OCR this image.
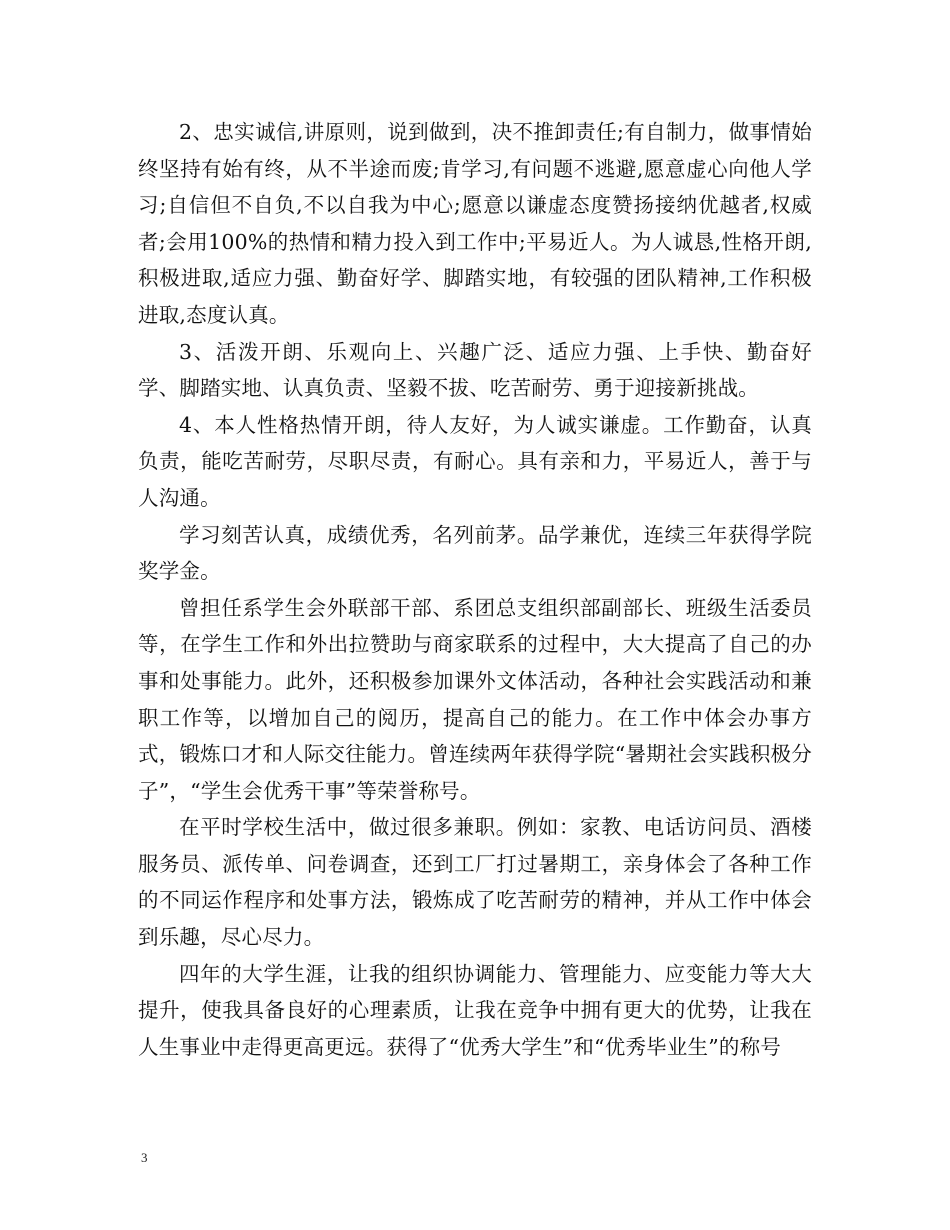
2、忠实诚信,讲原则，说到做到，决不推卸责任;有自制力，做事情始终坚持有始有终，从不半途而废;肯学习,有问题不逃避,愿意虚心向他人学习;自信但不自负,不以自我为中心;愿意以谦虚态度赞扬接纳优越者,权威者;会用100%的热情和精力投入到工作中;平易近人。为人诚恳,性格开朗,积极进取,适应力强、勤奋好学、脚踏实地，有较强的团队精神,工作积极进取,态度认真。

3、活泼开朗、乐观向上、兴趣广泛、适应力强、上手快、勤奋好学、脚踏实地、认真负责、坚毅不拔、吃苦耐劳、勇于迎接新挑战。

4、本人性格热情开朗，待人友好，为人诚实谦虚。工作勤奋，认真负责，能吃苦耐劳，尽职尽责，有耐心。具有亲和力，平易近人，善于与人沟通。

学习刻苦认真，成绩优秀，名列前茅。品学兼优，连续三年获得学院奖学金。

曾担任系学生会外联部干部、系团总支组织部副部长、班级生活委员等，在学生工作和外出拉赞助与商家联系的过程中，大大提高了自己的办事和处事能力。此外，还积极参加课外文体活动，各种社会实践活动和兼职工作等，以增加自己的阅历，提高自己的能力。在工作中体会办事方式，锻炼口才和人际交往能力。曾连续两年获得学院“暑期社会实践积极分子”，“学生会优秀干事”等荣誉称号。

在平时学校生活中，做过很多兼职。例如：家教、电话访问员、酒楼服务员、派传单、问卷调查，还到工厂打过暑期工，亲身体会了各种工作的不同运作程序和处事方法，锻炼成了吃苦耐劳的精神，并从工作中体会到乐趣，尽心尽力。

四年的大学生涯，让我的组织协调能力、管理能力、应变能力等大大提升，使我具备良好的心理素质，让我在竞争中拥有更大的优势，让我在人生事业中走得更高更远。获得了“优秀大学生”和“优秀毕业生”的称号

3
